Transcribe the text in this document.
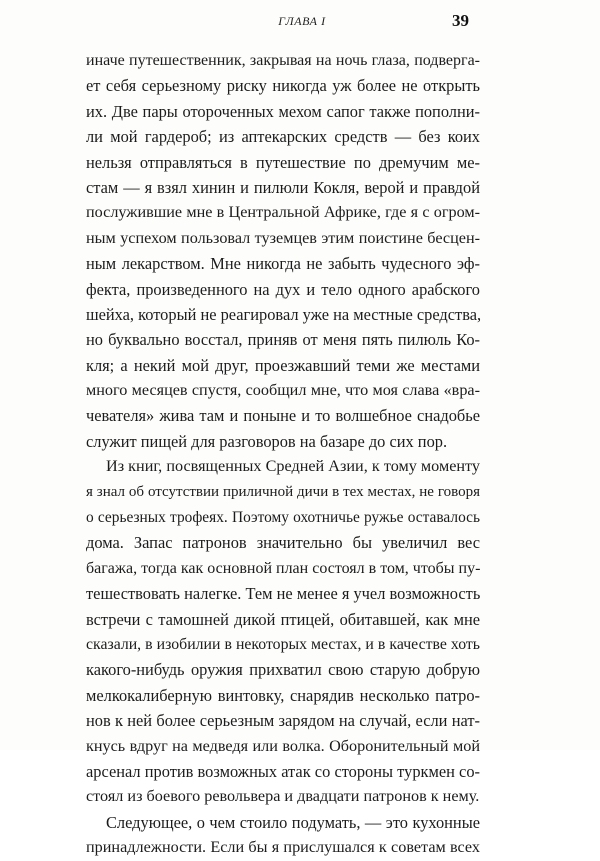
ГЛАВА I	39
иначе путешественник, закрывая на ночь глаза, подверга-
ет себя серьезному риску никогда уж более не открыть
их. Две пары отороченных мехом сапог также пополни-
ли мой гардероб; из аптекарских средств — без коих
нельзя отправляться в путешествие по дремучим ме-
стам — я взял хинин и пилюли Кокля, верой и правдой
послужившие мне в Центральной Африке, где я с огром-
ным успехом пользовал туземцев этим поистине бесцен-
ным лекарством. Мне никогда не забыть чудесного эф-
фекта, произведенного на дух и тело одного арабского
шейха, который не реагировал уже на местные средства,
но буквально восстал, приняв от меня пять пилюль Ко-
кля; а некий мой друг, проезжавший теми же местами
много месяцев спустя, сообщил мне, что моя слава «вра-
чевателя» жива там и поныне и то волшебное снадобье
служит пищей для разговоров на базаре до сих пор.
Из книг, посвященных Средней Азии, к тому моменту
я знал об отсутствии приличной дичи в тех местах, не говоря
о серьезных трофеях. Поэтому охотничье ружье оставалось
дома. Запас патронов значительно бы увеличил вес
багажа, тогда как основной план состоял в том, чтобы пу-
тешествовать налегке. Тем не менее я учел возможность
встречи с тамошней дикой птицей, обитавшей, как мне
сказали, в изобилии в некоторых местах, и в качестве хоть
какого-нибудь оружия прихватил свою старую добрую
мелкокалиберную винтовку, снарядив несколько патро-
нов к ней более серьезным зарядом на случай, если нат-
кнусь вдруг на медведя или волка. Оборонительный мой
арсенал против возможных атак со стороны туркмен со-
стоял из боевого револьвера и двадцати патронов к нему.
Следующее, о чем стоило подумать, — это кухонные
принадлежности. Если бы я прислушался к советам всех
